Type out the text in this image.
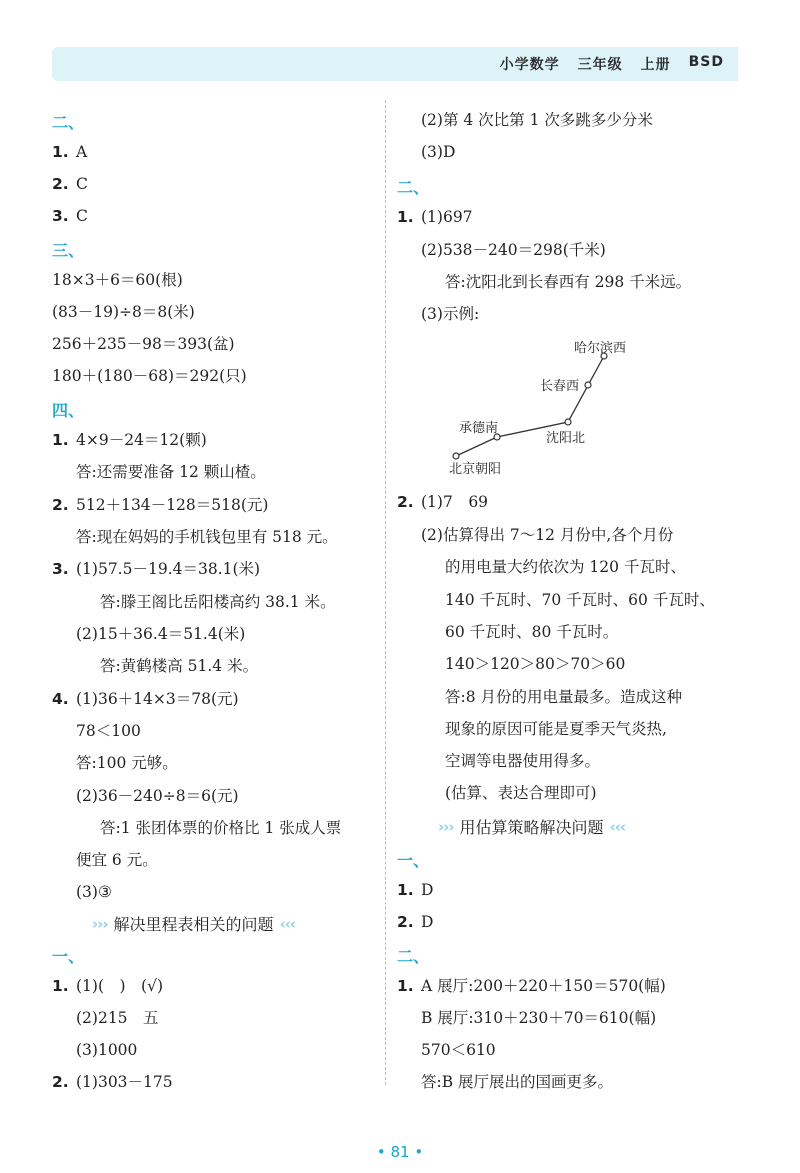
小学数学 三年级 上册 BSD
二、
1. A
2. C
3. C
三、
18×3＋6＝60(根)
(83－19)÷8＝8(米)
256＋235－98＝393(盆)
180＋(180－68)＝292(只)
四、
1. 4×9－24＝12(颗)
答:还需要准备 12 颗山楂。
2. 512＋134－128＝518(元)
答:现在妈妈的手机钱包里有 518 元。
3. (1)57.5－19.4＝38.1(米)
答:滕王阁比岳阳楼高约 38.1 米。
(2)15＋36.4＝51.4(米)
答:黄鹤楼高 51.4 米。
4. (1)36＋14×3＝78(元)
78＜100
答:100 元够。
(2)36－240÷8＝6(元)
答:1 张团体票的价格比 1 张成人票
便宜 6 元。
(3)③
››› 解决里程表相关的问题 ‹‹‹
一、
1. (1)(　)　(√)
(2)215　五
(3)1000
2. (1)303－175
(2)第 4 次比第 1 次多跳多少分米
(3)D
二、
1. (1)697
(2)538－240＝298(千米)
答:沈阳北到长春西有 298 千米远。
(3)示例:
哈尔滨西
长春西
承德南
沈阳北
北京朝阳
2. (1)7　69
(2)估算得出 7～12 月份中,各个月份
的用电量大约依次为 120 千瓦时、
140 千瓦时、70 千瓦时、60 千瓦时、
60 千瓦时、80 千瓦时。
140＞120＞80＞70＞60
答:8 月份的用电量最多。造成这种
现象的原因可能是夏季天气炎热,
空调等电器使用得多。
(估算、表达合理即可)
››› 用估算策略解决问题 ‹‹‹
一、
1. D
2. D
二、
1. A 展厅:200＋220＋150＝570(幅)
B 展厅:310＋230＋70＝610(幅)
570＜610
答:B 展厅展出的国画更多。
• 81 •
